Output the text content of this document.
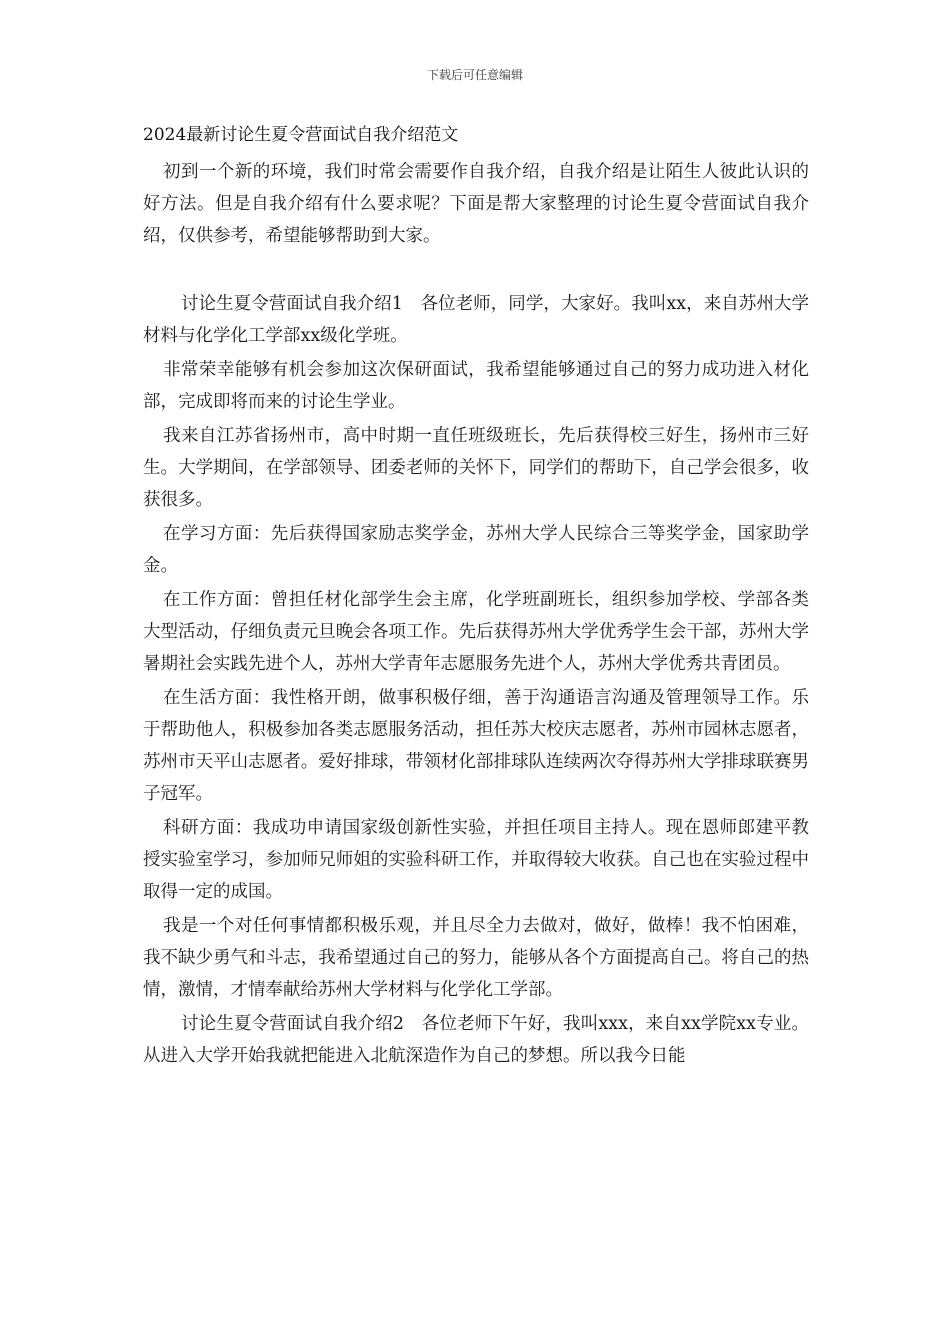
下载后可任意编辑
2024最新讨论生夏令营面试自我介绍范文

初到一个新的环境，我们时常会需要作自我介绍，自我介绍是让陌生人彼此认识的好方法。但是自我介绍有什么要求呢？下面是帮大家整理的讨论生夏令营面试自我介绍，仅供参考，希望能够帮助到大家。

讨论生夏令营面试自我介绍1　各位老师，同学，大家好。我叫xx，来自苏州大学材料与化学化工学部xx级化学班。

非常荣幸能够有机会参加这次保研面试，我希望能够通过自己的努力成功进入材化部，完成即将而来的讨论生学业。

我来自江苏省扬州市，高中时期一直任班级班长，先后获得校三好生，扬州市三好生。大学期间，在学部领导、团委老师的关怀下，同学们的帮助下，自己学会很多，收获很多。

在学习方面：先后获得国家励志奖学金，苏州大学人民综合三等奖学金，国家助学金。

在工作方面：曾担任材化部学生会主席，化学班副班长，组织参加学校、学部各类大型活动，仔细负责元旦晚会各项工作。先后获得苏州大学优秀学生会干部，苏州大学暑期社会实践先进个人，苏州大学青年志愿服务先进个人，苏州大学优秀共青团员。

在生活方面：我性格开朗，做事积极仔细，善于沟通语言沟通及管理领导工作。乐于帮助他人，积极参加各类志愿服务活动，担任苏大校庆志愿者，苏州市园林志愿者，苏州市天平山志愿者。爱好排球，带领材化部排球队连续两次夺得苏州大学排球联赛男子冠军。

科研方面：我成功申请国家级创新性实验，并担任项目主持人。现在恩师郎建平教授实验室学习，参加师兄师姐的实验科研工作，并取得较大收获。自己也在实验过程中取得一定的成国。

我是一个对任何事情都积极乐观，并且尽全力去做对，做好，做棒！我不怕困难，我不缺少勇气和斗志，我希望通过自己的努力，能够从各个方面提高自己。将自己的热情，激情，才情奉献给苏州大学材料与化学化工学部。

讨论生夏令营面试自我介绍2　各位老师下午好，我叫xxx，来自xx学院xx专业。从进入大学开始我就把能进入北航深造作为自己的梦想。所以我今日能
